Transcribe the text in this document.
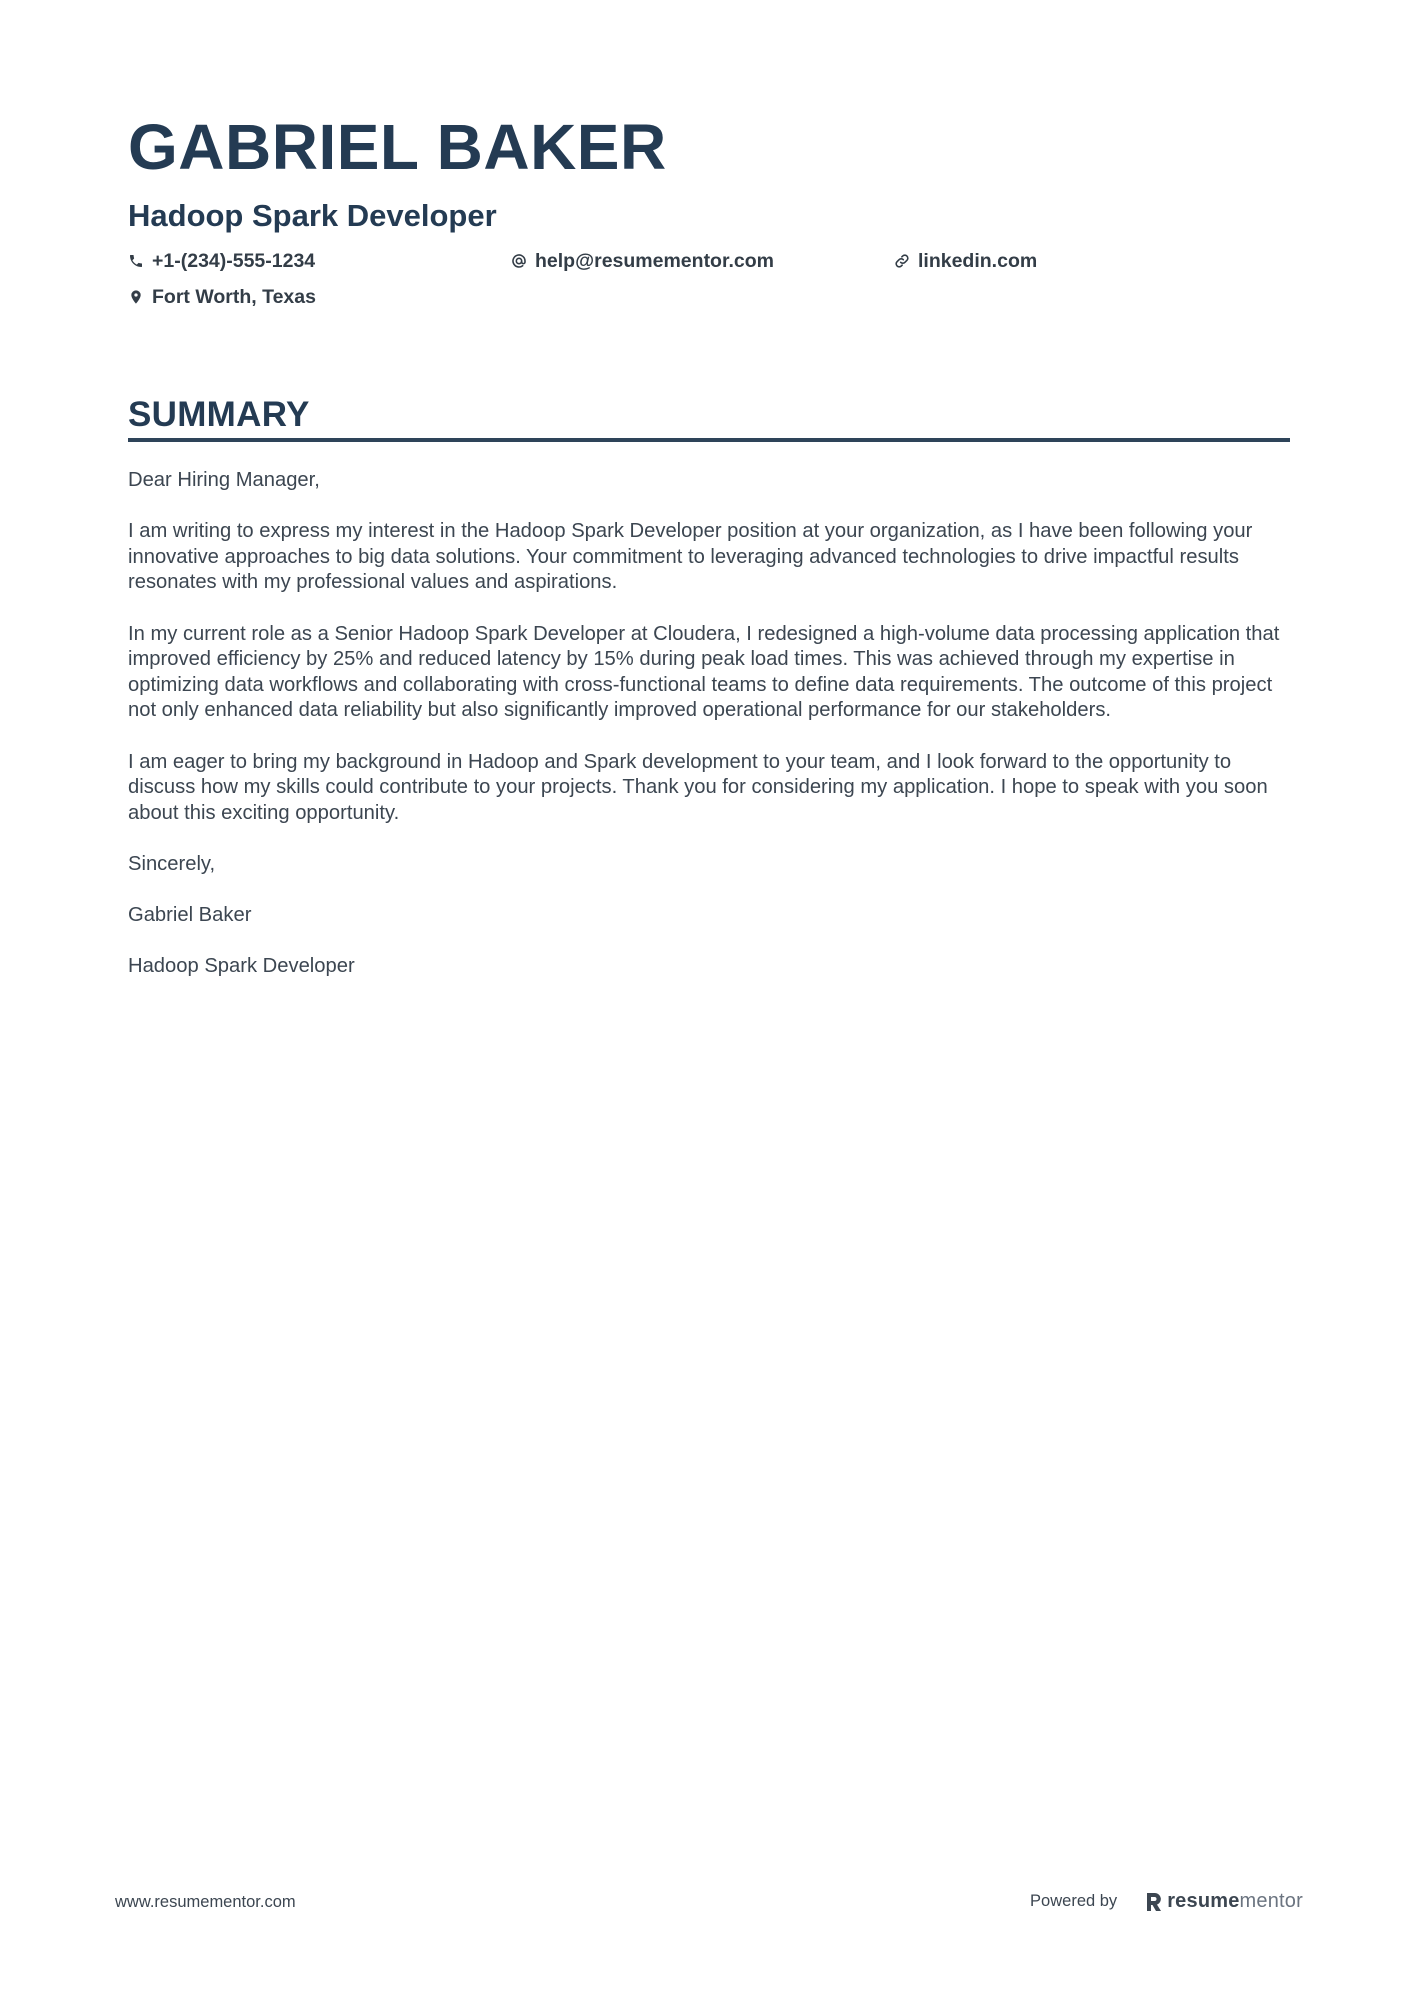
GABRIEL BAKER
Hadoop Spark Developer
+1-(234)-555-1234	help@resumementor.com	linkedin.com
Fort Worth, Texas
SUMMARY

Dear Hiring Manager,

I am writing to express my interest in the Hadoop Spark Developer position at your organization, as I have been following your innovative approaches to big data solutions. Your commitment to leveraging advanced technologies to drive impactful results resonates with my professional values and aspirations.

In my current role as a Senior Hadoop Spark Developer at Cloudera, I redesigned a high-volume data processing application that improved efficiency by 25% and reduced latency by 15% during peak load times. This was achieved through my expertise in optimizing data workflows and collaborating with cross-functional teams to define data requirements. The outcome of this project not only enhanced data reliability but also significantly improved operational performance for our stakeholders.

I am eager to bring my background in Hadoop and Spark development to your team, and I look forward to the opportunity to discuss how my skills could contribute to your projects. Thank you for considering my application. I hope to speak with you soon about this exciting opportunity.

Sincerely,

Gabriel Baker

Hadoop Spark Developer

www.resumementor.com	Powered by	resume mentor
